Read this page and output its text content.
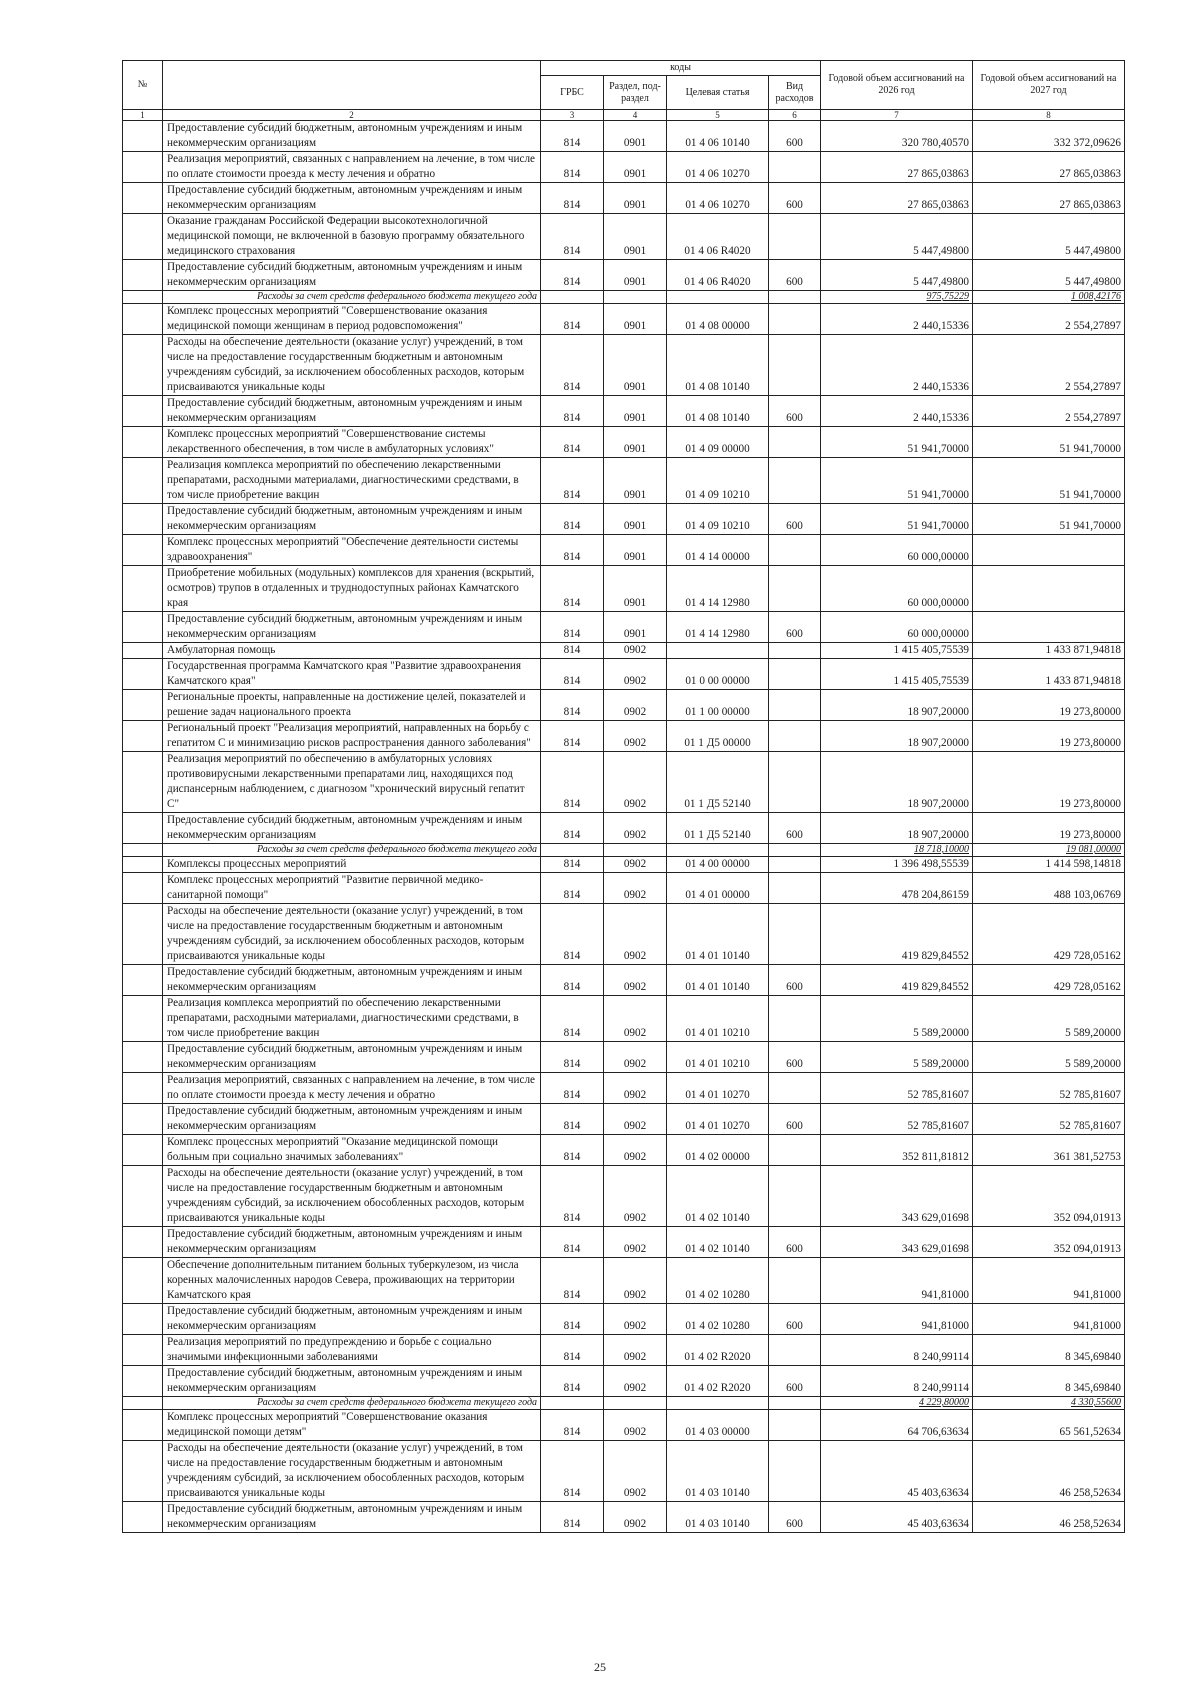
№		коды				Годовой объем ассигнований на 2026 год	Годовой объем ассигнований на 2027 год
		ГРБС	Раздел, под-раздел	Целевая статья	Вид расходов		
1	2	3	4	5	6	7	8
	Предоставление субсидий бюджетным, автономным учреждениям и иным некоммерческим организациям	814	0901	01 4 06 10140	600	320 780,40570	332 372,09626
	Реализация мероприятий, связанных с направлением на лечение, в том числе по оплате стоимости проезда к месту лечения и обратно	814	0901	01 4 06 10270		27 865,03863	27 865,03863
	Предоставление субсидий бюджетным, автономным учреждениям и иным некоммерческим организациям	814	0901	01 4 06 10270	600	27 865,03863	27 865,03863
	Оказание гражданам Российской Федерации высокотехнологичной медицинской помощи, не включенной в базовую программу обязательного медицинского страхования	814	0901	01 4 06 R4020		5 447,49800	5 447,49800
	Предоставление субсидий бюджетным, автономным учреждениям и иным некоммерческим организациям	814	0901	01 4 06 R4020	600	5 447,49800	5 447,49800
	Расходы за счет средств федерального бюджета текущего года					975,75229	1 008,42176
	Комплекс процессных мероприятий "Совершенствование оказания медицинской помощи женщинам в период родовспоможения"	814	0901	01 4 08 00000		2 440,15336	2 554,27897
	Расходы на обеспечение деятельности (оказание услуг) учреждений, в том числе на предоставление государственным бюджетным и автономным учреждениям субсидий, за исключением обособленных расходов, которым присваиваются уникальные коды	814	0901	01 4 08 10140		2 440,15336	2 554,27897
	Предоставление субсидий бюджетным, автономным учреждениям и иным некоммерческим организациям	814	0901	01 4 08 10140	600	2 440,15336	2 554,27897
	Комплекс процессных мероприятий "Совершенствование системы лекарственного обеспечения, в том числе в амбулаторных условиях"	814	0901	01 4 09 00000		51 941,70000	51 941,70000
	Реализация комплекса мероприятий по обеспечению лекарственными препаратами, расходными материалами, диагностическими средствами, в том числе приобретение вакцин	814	0901	01 4 09 10210		51 941,70000	51 941,70000
	Предоставление субсидий бюджетным, автономным учреждениям и иным некоммерческим организациям	814	0901	01 4 09 10210	600	51 941,70000	51 941,70000
	Комплекс процессных мероприятий "Обеспечение деятельности системы здравоохранения"	814	0901	01 4 14 00000		60 000,00000	
	Приобретение мобильных (модульных) комплексов для хранения (вскрытий, осмотров) трупов в отдаленных и труднодоступных районах Камчатского края	814	0901	01 4 14 12980		60 000,00000	
	Предоставление субсидий бюджетным, автономным учреждениям и иным некоммерческим организациям	814	0901	01 4 14 12980	600	60 000,00000	
	Амбулаторная помощь	814	0902			1 415 405,75539	1 433 871,94818
	Государственная программа Камчатского края "Развитие здравоохранения Камчатского края"	814	0902	01 0 00 00000		1 415 405,75539	1 433 871,94818
	Региональные проекты, направленные на достижение целей, показателей и решение задач национального проекта	814	0902	01 1 00 00000		18 907,20000	19 273,80000
	Региональный проект "Реализация мероприятий, направленных на борьбу с гепатитом С и минимизацию рисков распространения данного заболевания"	814	0902	01 1 Д5 00000		18 907,20000	19 273,80000
	Реализация мероприятий по обеспечению в амбулаторных условиях противовирусными лекарственными препаратами лиц, находящихся под диспансерным наблюдением, с диагнозом "хронический вирусный гепатит С"	814	0902	01 1 Д5 52140		18 907,20000	19 273,80000
	Предоставление субсидий бюджетным, автономным учреждениям и иным некоммерческим организациям	814	0902	01 1 Д5 52140	600	18 907,20000	19 273,80000
	Расходы за счет средств федерального бюджета текущего года					18 718,10000	19 081,00000
	Комплексы процессных мероприятий	814	0902	01 4 00 00000		1 396 498,55539	1 414 598,14818
	Комплекс процессных мероприятий "Развитие первичной медико-санитарной помощи"	814	0902	01 4 01 00000		478 204,86159	488 103,06769
	Расходы на обеспечение деятельности (оказание услуг) учреждений, в том числе на предоставление государственным бюджетным и автономным учреждениям субсидий, за исключением обособленных расходов, которым присваиваются уникальные коды	814	0902	01 4 01 10140		419 829,84552	429 728,05162
	Предоставление субсидий бюджетным, автономным учреждениям и иным некоммерческим организациям	814	0902	01 4 01 10140	600	419 829,84552	429 728,05162
	Реализация комплекса мероприятий по обеспечению лекарственными препаратами, расходными материалами, диагностическими средствами, в том числе приобретение вакцин	814	0902	01 4 01 10210		5 589,20000	5 589,20000
	Предоставление субсидий бюджетным, автономным учреждениям и иным некоммерческим организациям	814	0902	01 4 01 10210	600	5 589,20000	5 589,20000
	Реализация мероприятий, связанных с направлением на лечение, в том числе по оплате стоимости проезда к месту лечения и обратно	814	0902	01 4 01 10270		52 785,81607	52 785,81607
	Предоставление субсидий бюджетным, автономным учреждениям и иным некоммерческим организациям	814	0902	01 4 01 10270	600	52 785,81607	52 785,81607
	Комплекс процессных мероприятий "Оказание медицинской помощи больным при социально значимых заболеваниях"	814	0902	01 4 02 00000		352 811,81812	361 381,52753
	Расходы на обеспечение деятельности (оказание услуг) учреждений, в том числе на предоставление государственным бюджетным и автономным учреждениям субсидий, за исключением обособленных расходов, которым присваиваются уникальные коды	814	0902	01 4 02 10140		343 629,01698	352 094,01913
	Предоставление субсидий бюджетным, автономным учреждениям и иным некоммерческим организациям	814	0902	01 4 02 10140	600	343 629,01698	352 094,01913
	Обеспечение дополнительным питанием больных туберкулезом, из числа коренных малочисленных народов Севера, проживающих на территории Камчатского края	814	0902	01 4 02 10280		941,81000	941,81000
	Предоставление субсидий бюджетным, автономным учреждениям и иным некоммерческим организациям	814	0902	01 4 02 10280	600	941,81000	941,81000
	Реализация мероприятий по предупреждению и борьбе с социально значимыми инфекционными заболеваниями	814	0902	01 4 02 R2020		8 240,99114	8 345,69840
	Предоставление субсидий бюджетным, автономным учреждениям и иным некоммерческим организациям	814	0902	01 4 02 R2020	600	8 240,99114	8 345,69840
	Расходы за счет средств федерального бюджета текущего года					4 229,80000	4 330,55600
	Комплекс процессных мероприятий "Совершенствование оказания медицинской помощи детям"	814	0902	01 4 03 00000		64 706,63634	65 561,52634
	Расходы на обеспечение деятельности (оказание услуг) учреждений, в том числе на предоставление государственным бюджетным и автономным учреждениям субсидий, за исключением обособленных расходов, которым присваиваются уникальные коды	814	0902	01 4 03 10140		45 403,63634	46 258,52634
	Предоставление субсидий бюджетным, автономным учреждениям и иным некоммерческим организациям	814	0902	01 4 03 10140	600	45 403,63634	46 258,52634
25
